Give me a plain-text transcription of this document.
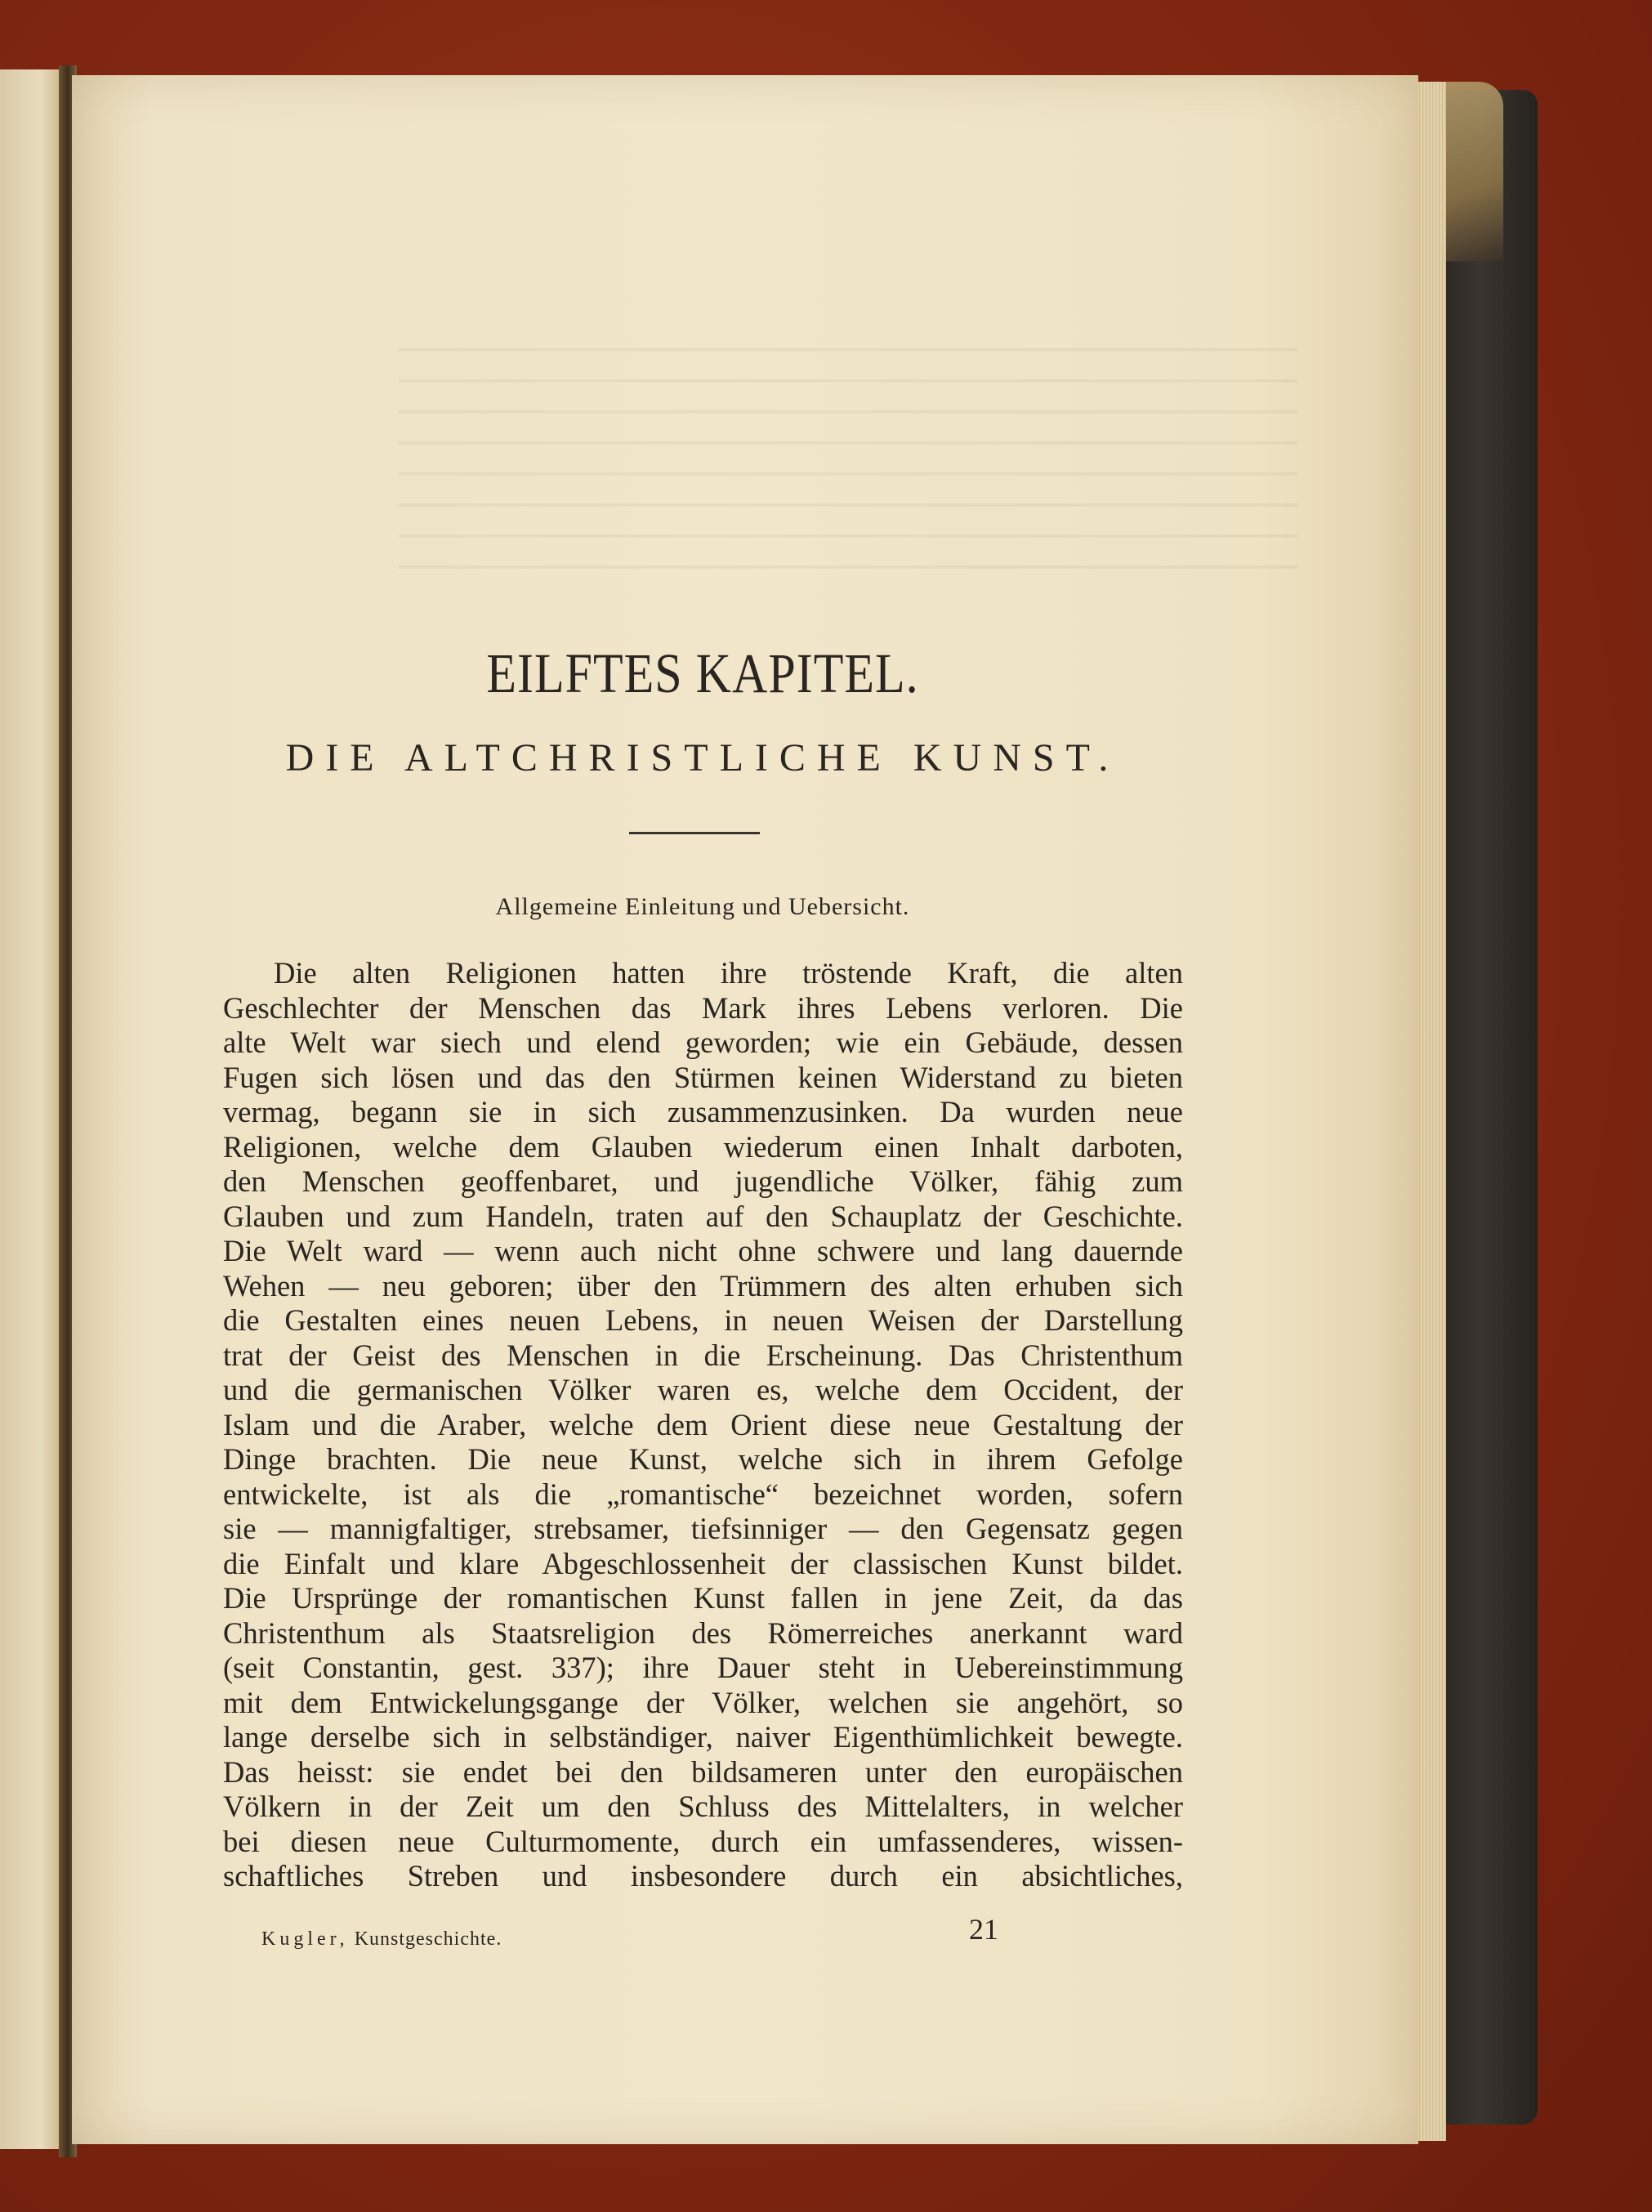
EILFTES KAPITEL.
DIE ALTCHRISTLICHE KUNST.
Allgemeine Einleitung und Uebersicht.
Die alten Religionen hatten ihre tröstende Kraft, die alten
Geschlechter der Menschen das Mark ihres Lebens verloren. Die
alte Welt war siech und elend geworden; wie ein Gebäude, dessen
Fugen sich lösen und das den Stürmen keinen Widerstand zu bieten
vermag, begann sie in sich zusammenzusinken. Da wurden neue
Religionen, welche dem Glauben wiederum einen Inhalt darboten,
den Menschen geoffenbaret, und jugendliche Völker, fähig zum
Glauben und zum Handeln, traten auf den Schauplatz der Geschichte.
Die Welt ward — wenn auch nicht ohne schwere und lang dauernde
Wehen — neu geboren; über den Trümmern des alten erhuben sich
die Gestalten eines neuen Lebens, in neuen Weisen der Darstellung
trat der Geist des Menschen in die Erscheinung. Das Christenthum
und die germanischen Völker waren es, welche dem Occident, der
Islam und die Araber, welche dem Orient diese neue Gestaltung der
Dinge brachten. Die neue Kunst, welche sich in ihrem Gefolge
entwickelte, ist als die „romantische“ bezeichnet worden, sofern
sie — mannigfaltiger, strebsamer, tiefsinniger — den Gegensatz gegen
die Einfalt und klare Abgeschlossenheit der classischen Kunst bildet.
Die Ursprünge der romantischen Kunst fallen in jene Zeit, da das
Christenthum als Staatsreligion des Römerreiches anerkannt ward
(seit Constantin, gest. 337); ihre Dauer steht in Uebereinstimmung
mit dem Entwickelungsgange der Völker, welchen sie angehört, so
lange derselbe sich in selbständiger, naiver Eigenthümlichkeit bewegte.
Das heisst: sie endet bei den bildsameren unter den europäischen
Völkern in der Zeit um den Schluss des Mittelalters, in welcher
bei diesen neue Culturmomente, durch ein umfassenderes, wissen-
schaftliches Streben und insbesondere durch ein absichtliches,
Kugler, Kunstgeschichte.	21
